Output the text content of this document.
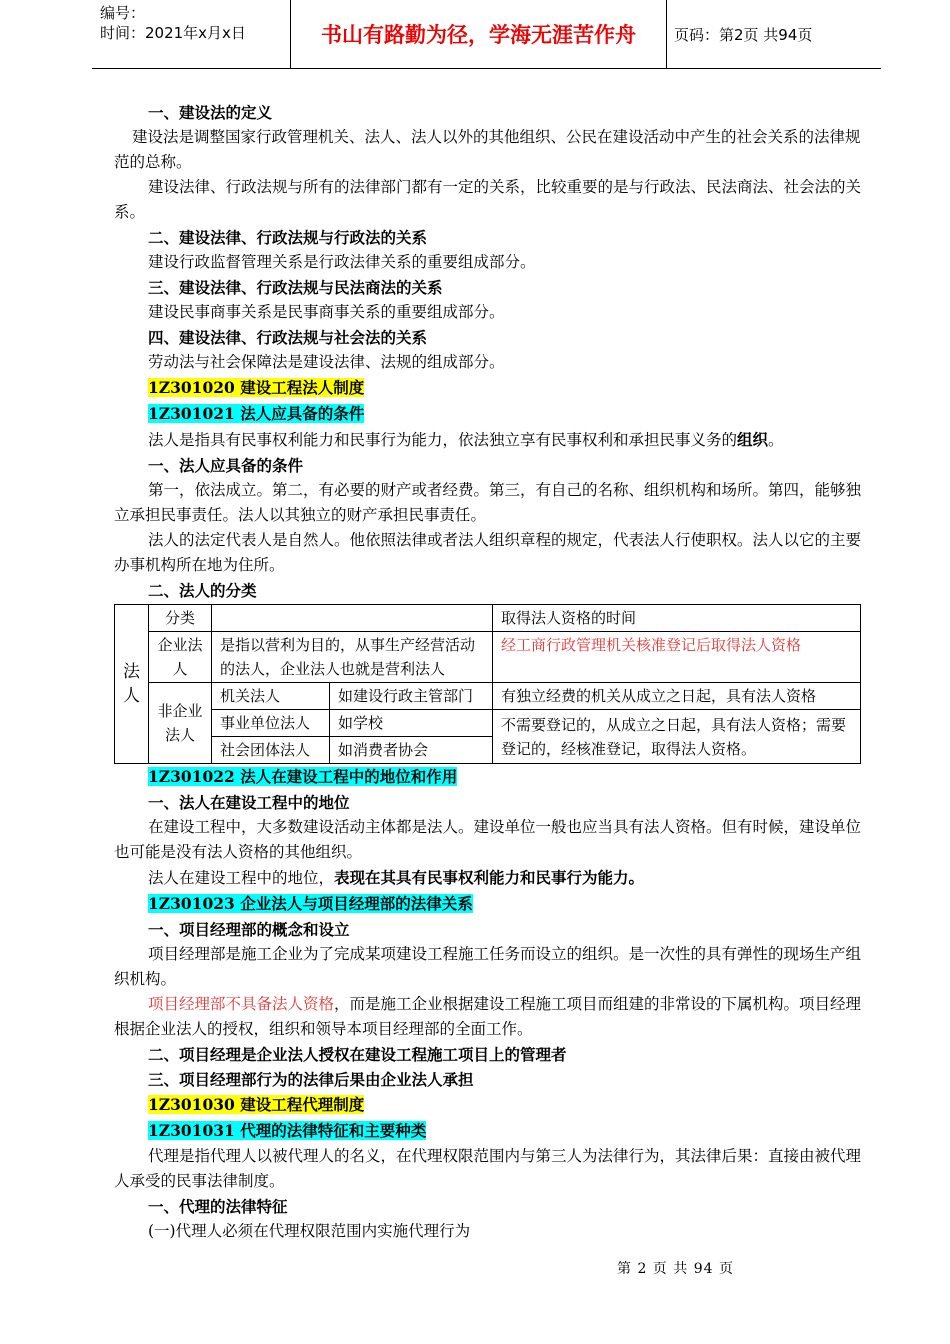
编号：
时间：2021年x月x日	书山有路勤为径，学海无涯苦作舟	页码：第2页 共94页

一、建设法的定义

建设法是调整国家行政管理机关、法人、法人以外的其他组织、公民在建设活动中产生的社会关系的法律规范的总称。

建设法律、行政法规与所有的法律部门都有一定的关系，比较重要的是与行政法、民法商法、社会法的关系。

二、建设法律、行政法规与行政法的关系

建设行政监督管理关系是行政法律关系的重要组成部分。

三、建设法律、行政法规与民法商法的关系

建设民事商事关系是民事商事关系的重要组成部分。

四、建设法律、行政法规与社会法的关系

劳动法与社会保障法是建设法律、法规的组成部分。

1Z301020 建设工程法人制度

1Z301021 法人应具备的条件

法人是指具有民事权利能力和民事行为能力，依法独立享有民事权利和承担民事义务的组织。

一、法人应具备的条件

第一，依法成立。第二，有必要的财产或者经费。第三，有自己的名称、组织机构和场所。第四，能够独立承担民事责任。法人以其独立的财产承担民事责任。

法人的法定代表人是自然人。他依照法律或者法人组织章程的规定，代表法人行使职权。法人以它的主要办事机构所在地为住所。

二、法人的分类

法人	分类			取得法人资格的时间
	企业法人	是指以营利为目的，从事生产经营活动的法人，企业法人也就是营利法人		经工商行政管理机关核准登记后取得法人资格
	非企业法人	机关法人	如建设行政主管部门	有独立经费的机关从成立之日起，具有法人资格
		事业单位法人	如学校	不需要登记的，从成立之日起，具有法人资格；需要登记的，经核准登记，取得法人资格。
		社会团体法人	如消费者协会	

1Z301022 法人在建设工程中的地位和作用

一、法人在建设工程中的地位

在建设工程中，大多数建设活动主体都是法人。建设单位一般也应当具有法人资格。但有时候，建设单位也可能是没有法人资格的其他组织。

法人在建设工程中的地位，表现在其具有民事权利能力和民事行为能力。

1Z301023 企业法人与项目经理部的法律关系

一、项目经理部的概念和设立

项目经理部是施工企业为了完成某项建设工程施工任务而设立的组织。是一次性的具有弹性的现场生产组织机构。

项目经理部不具备法人资格，而是施工企业根据建设工程施工项目而组建的非常设的下属机构。项目经理根据企业法人的授权，组织和领导本项目经理部的全面工作。

二、项目经理是企业法人授权在建设工程施工项目上的管理者

三、项目经理部行为的法律后果由企业法人承担

1Z301030 建设工程代理制度

1Z301031 代理的法律特征和主要种类

代理是指代理人以被代理人的名义，在代理权限范围内与第三人为法律行为，其法律后果：直接由被代理人承受的民事法律制度。

一、代理的法律特征

(一)代理人必须在代理权限范围内实施代理行为

第 2 页 共 94 页
